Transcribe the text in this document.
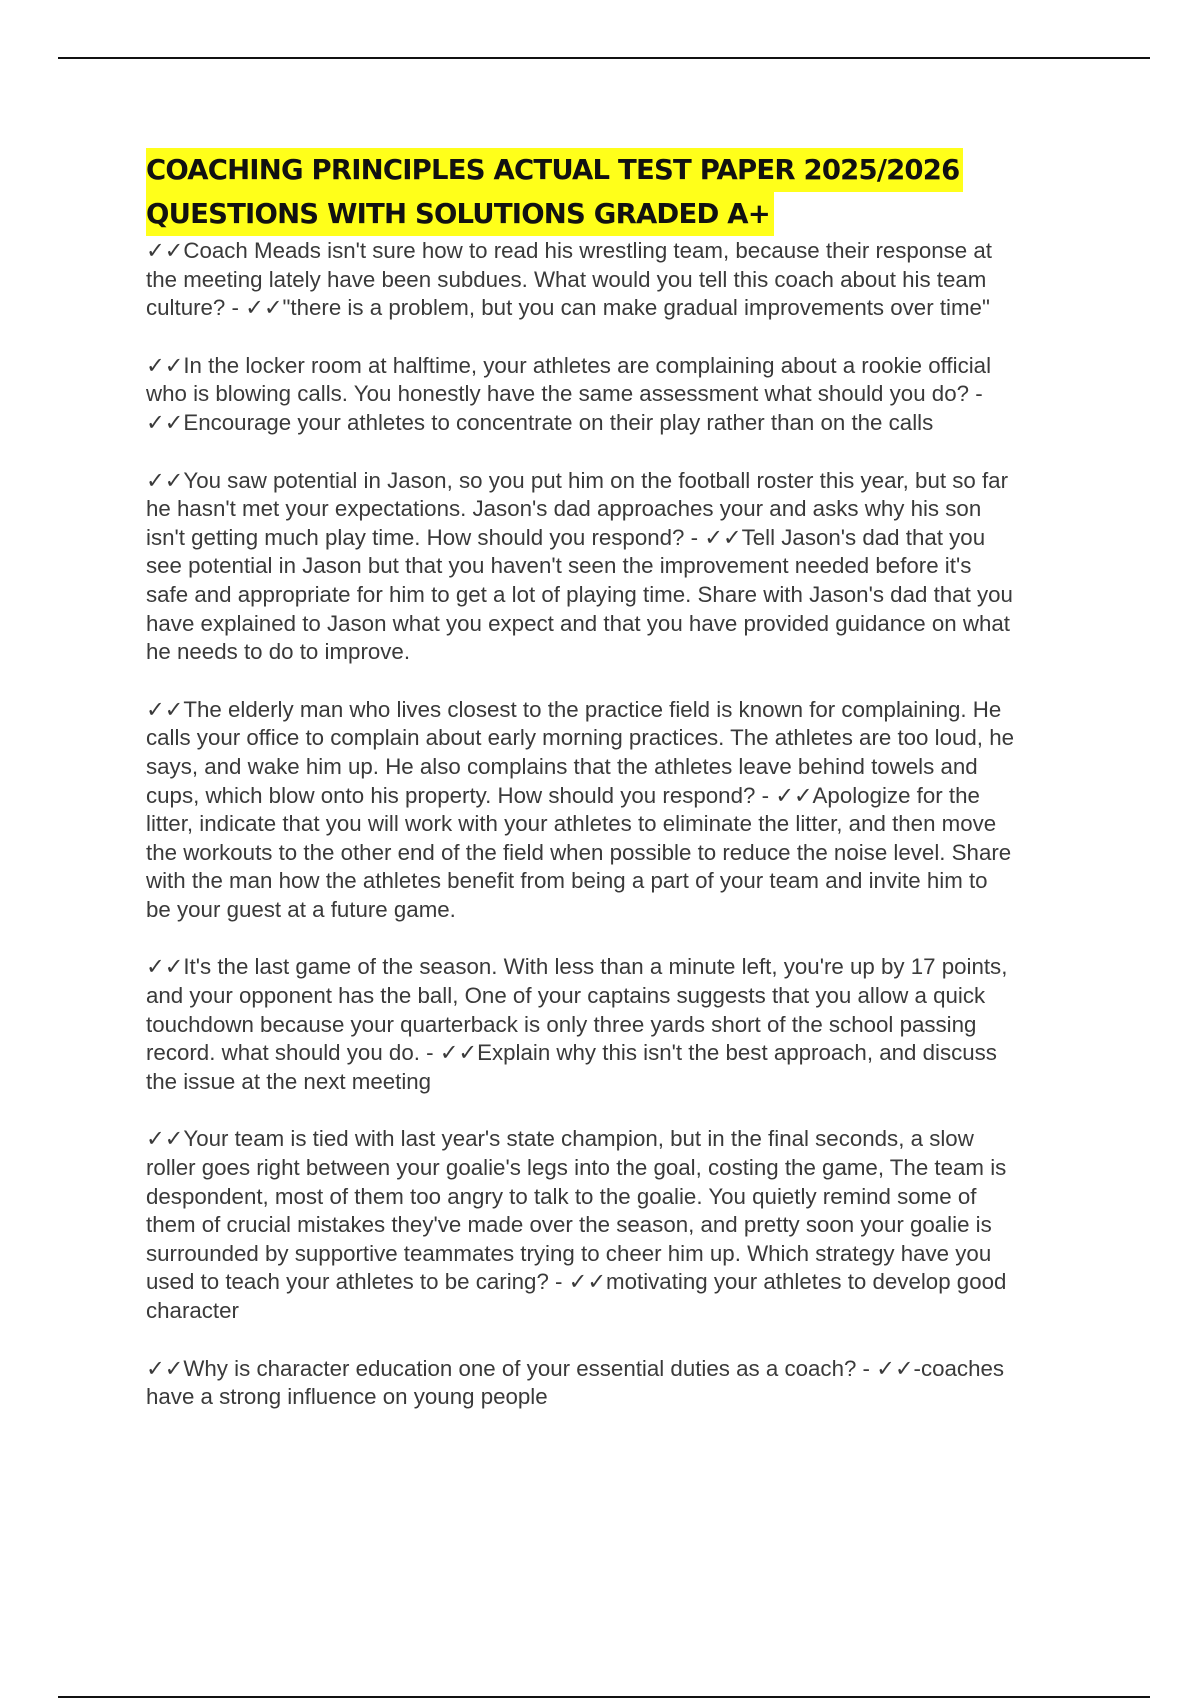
COACHING PRINCIPLES ACTUAL TEST PAPER 2025/2026
QUESTIONS WITH SOLUTIONS GRADED A+
✓✓Coach Meads isn't sure how to read his wrestling team, because their response at
the meeting lately have been subdues. What would you tell this coach about his team
culture? - ✓✓"there is a problem, but you can make gradual improvements over time"
✓✓In the locker room at halftime, your athletes are complaining about a rookie official
who is blowing calls. You honestly have the same assessment what should you do? -
✓✓Encourage your athletes to concentrate on their play rather than on the calls
✓✓You saw potential in Jason, so you put him on the football roster this year, but so far
he hasn't met your expectations. Jason's dad approaches your and asks why his son
isn't getting much play time. How should you respond? - ✓✓Tell Jason's dad that you
see potential in Jason but that you haven't seen the improvement needed before it's
safe and appropriate for him to get a lot of playing time. Share with Jason's dad that you
have explained to Jason what you expect and that you have provided guidance on what
he needs to do to improve.
✓✓The elderly man who lives closest to the practice field is known for complaining. He
calls your office to complain about early morning practices. The athletes are too loud, he
says, and wake him up. He also complains that the athletes leave behind towels and
cups, which blow onto his property. How should you respond? - ✓✓Apologize for the
litter, indicate that you will work with your athletes to eliminate the litter, and then move
the workouts to the other end of the field when possible to reduce the noise level. Share
with the man how the athletes benefit from being a part of your team and invite him to
be your guest at a future game.
✓✓It's the last game of the season. With less than a minute left, you're up by 17 points,
and your opponent has the ball, One of your captains suggests that you allow a quick
touchdown because your quarterback is only three yards short of the school passing
record. what should you do. - ✓✓Explain why this isn't the best approach, and discuss
the issue at the next meeting
✓✓Your team is tied with last year's state champion, but in the final seconds, a slow
roller goes right between your goalie's legs into the goal, costing the game, The team is
despondent, most of them too angry to talk to the goalie. You quietly remind some of
them of crucial mistakes they've made over the season, and pretty soon your goalie is
surrounded by supportive teammates trying to cheer him up. Which strategy have you
used to teach your athletes to be caring? - ✓✓motivating your athletes to develop good
character
✓✓Why is character education one of your essential duties as a coach? - ✓✓-coaches
have a strong influence on young people
